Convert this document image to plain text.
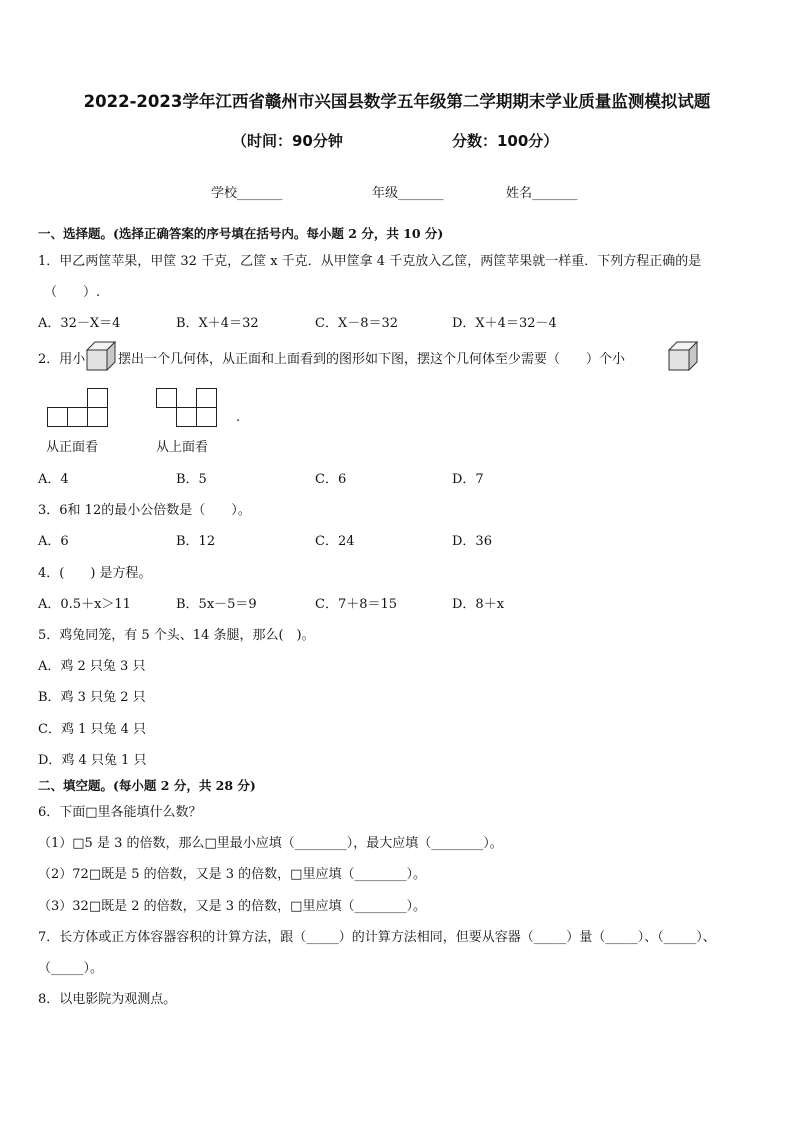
2022-2023学年江西省赣州市兴国县数学五年级第二学期期末学业质量监测模拟试题
（时间：90分钟	分数：100分）
学校_______	年级_______	姓名_______
一、选择题。(选择正确答案的序号填在括号内。每小题 2 分，共 10 分)
1．甲乙两筐苹果，甲筐 32 千克，乙筐 x 千克．从甲筐拿 4 千克放入乙筐，两筐苹果就一样重．下列方程正确的是
（　　）.
A．32－X＝4	B．X＋4＝32	C．X－8＝32	D．X＋4＝32－4
2．用小	摆出一个几何体，从正面和上面看到的图形如下图，摆这个几何体至少需要（　　）个小
.
从正面看	从上面看
A．4	B．5	C．6	D．7
3．6和 12的最小公倍数是（　　）。
A．6	B．12	C．24	D．36
4．(　　) 是方程。
A．0.5＋x＞11	B．5x－5＝9	C．7＋8＝15	D．8＋x
5．鸡兔同笼，有 5 个头、14 条腿，那么(　)。
A．鸡 2 只兔 3 只
B．鸡 3 只兔 2 只
C．鸡 1 只兔 4 只
D．鸡 4 只兔 1 只
二、填空题。(每小题 2 分，共 28 分)
6．下面□里各能填什么数？
（1）□5 是 3 的倍数，那么□里最小应填（________），最大应填（________）。
（2）72□既是 5 的倍数，又是 3 的倍数，□里应填（________）。
（3）32□既是 2 的倍数，又是 3 的倍数，□里应填（________）。
7．长方体或正方体容器容积的计算方法，跟（_____）的计算方法相同，但要从容器（_____）量（_____）、（_____）、
（_____）。
8．以电影院为观测点。
